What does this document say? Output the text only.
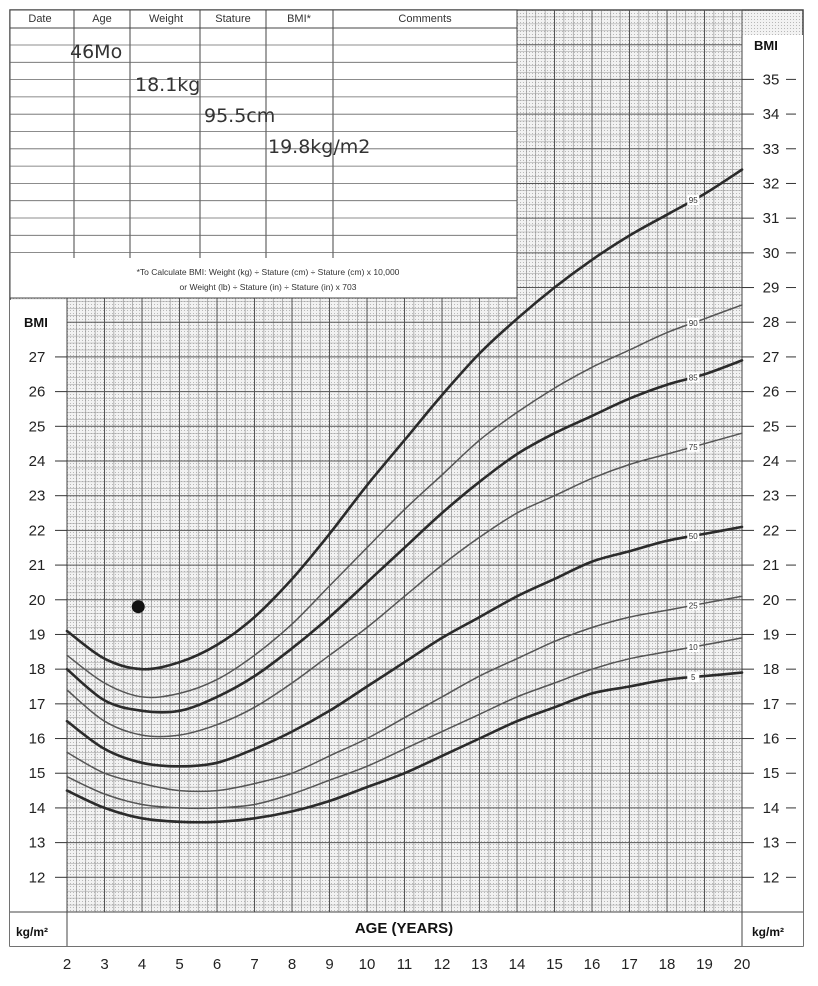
Date	Age	Weight	Stature	BMI*	Comments
46Mo
18.1kg
95.5cm
19.8kg/m2
*To Calculate BMI: Weight (kg) ÷ Stature (cm) ÷ Stature (cm) x 10,000
or Weight (lb) ÷ Stature (in) ÷ Stature (in) x 703
2 3 4 5 6 7 8 9 10 11 12 13 14 15 16 17 18 19 20
12
13
14
15
16
17
18
19
20
21
22
23
24
25
26
27
12
13
14
15
16
17
18
19
20
21
22
23
24
25
26
27
28
29
30
31
32
33
34
35
95
90
85
75
50
25
10
5
BMI
BMI
kg/m²	kg/m²
AGE (YEARS)
